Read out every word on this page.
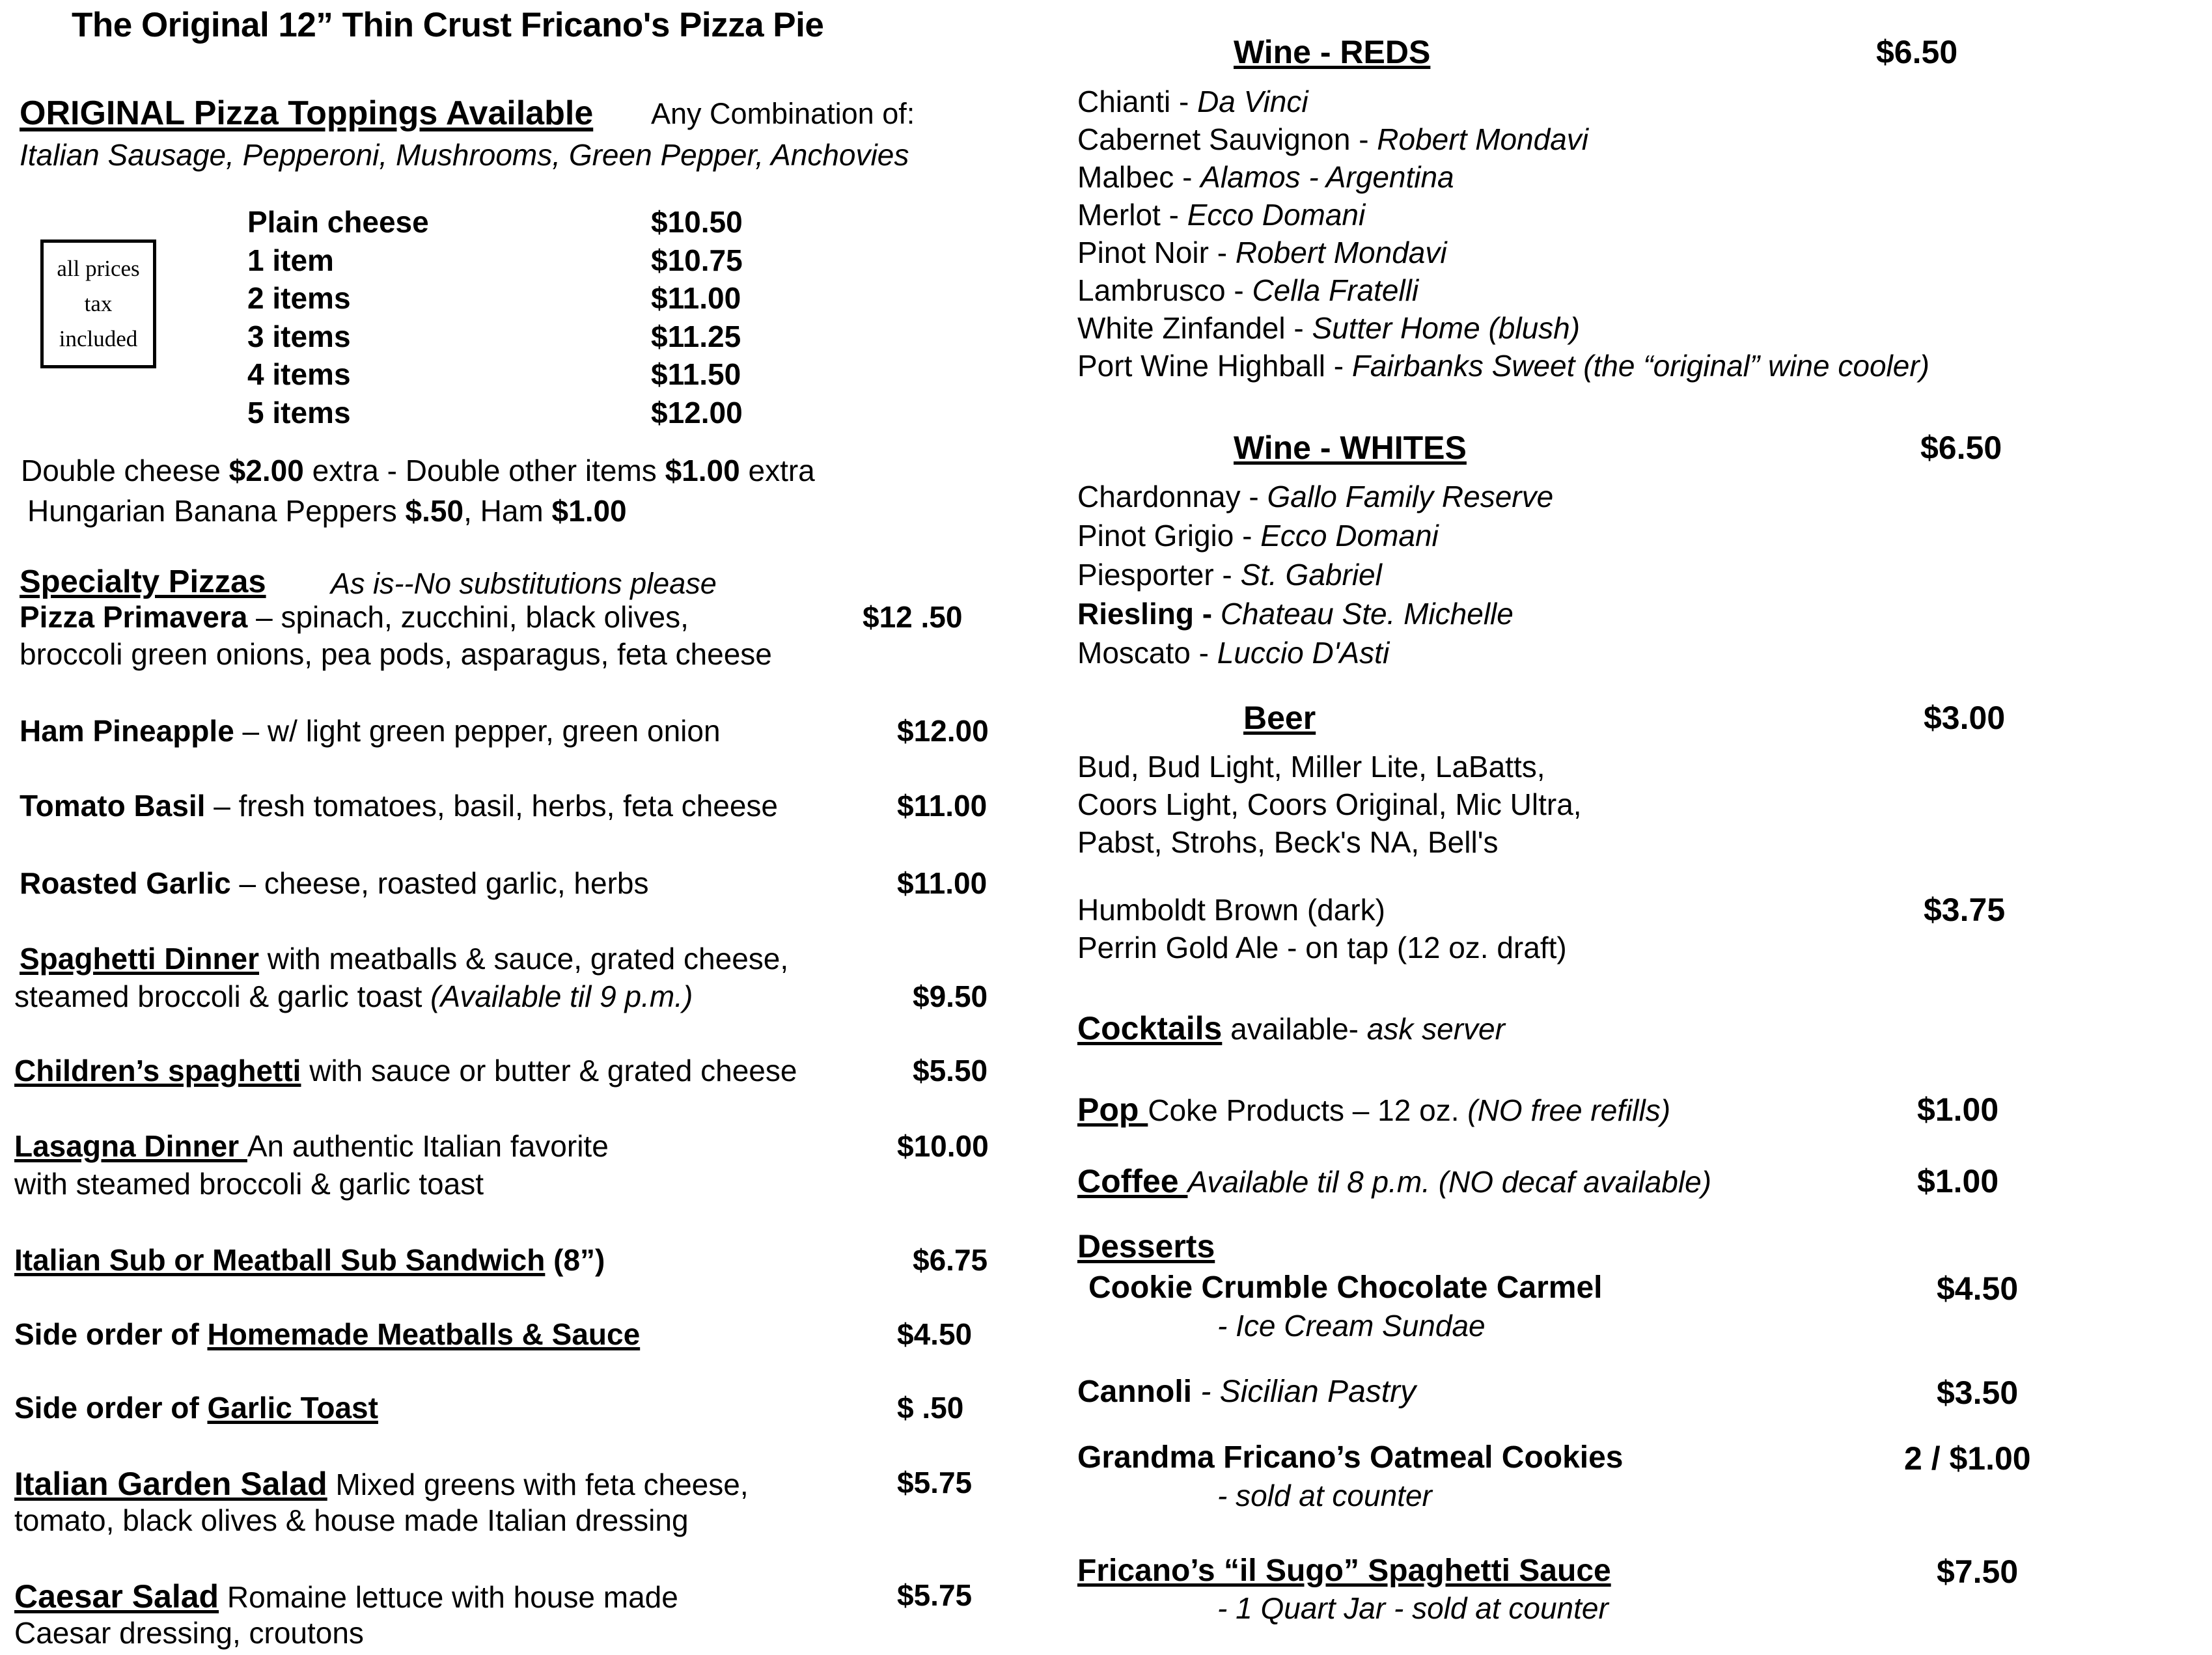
The Original 12” Thin Crust Fricano's Pizza Pie
ORIGINAL Pizza Toppings Available Any Combination of:
Italian Sausage, Pepperoni, Mushrooms, Green Pepper, Anchovies
all prices
tax
included
Plain cheese	$10.50
1 item	$10.75
2 items	$11.00
3 items	$11.25
4 items	$11.50
5 items	$12.00
Double cheese $2.00 extra - Double other items $1.00 extra
Hungarian Banana Peppers $.50, Ham $1.00
Specialty Pizzas As is--No substitutions please
Pizza Primavera – spinach, zucchini, black olives,
broccoli green onions, pea pods, asparagus, feta cheese
$12 .50
Ham Pineapple – w/ light green pepper, green onion	$12.00
Tomato Basil – fresh tomatoes, basil, herbs, feta cheese	$11.00
Roasted Garlic – cheese, roasted garlic, herbs	$11.00
Spaghetti Dinner with meatballs & sauce, grated cheese,
steamed broccoli & garlic toast (Available til 9 p.m.)	$9.50
Children’s spaghetti with sauce or butter & grated cheese	$5.50
Lasagna Dinner An authentic Italian favorite
with steamed broccoli & garlic toast
$10.00
Italian Sub or Meatball Sub Sandwich (8”)	$6.75
Side order of Homemade Meatballs & Sauce	$4.50
Side order of Garlic Toast	$ .50
Italian Garden Salad Mixed greens with feta cheese,
tomato, black olives & house made Italian dressing
$5.75
Caesar Salad Romaine lettuce with house made
Caesar dressing, croutons
$5.75
Wine - REDS	$6.50
Chianti - Da Vinci
Cabernet Sauvignon - Robert Mondavi
Malbec - Alamos - Argentina
Merlot - Ecco Domani
Pinot Noir - Robert Mondavi
Lambrusco - Cella Fratelli
White Zinfandel - Sutter Home (blush)
Port Wine Highball - Fairbanks Sweet (the “original” wine cooler)
Wine - WHITES	$6.50
Chardonnay - Gallo Family Reserve
Pinot Grigio - Ecco Domani
Piesporter - St. Gabriel
Riesling - Chateau Ste. Michelle
Moscato - Luccio D'Asti
Beer	$3.00
Bud, Bud Light, Miller Lite, LaBatts,
Coors Light, Coors Original, Mic Ultra,
Pabst, Strohs, Beck's NA, Bell's
Humboldt Brown (dark)
Perrin Gold Ale - on tap (12 oz. draft)
$3.75
Cocktails available- ask server
Pop Coke Products – 12 oz. (NO free refills)	$1.00
Coffee Available til 8 p.m. (NO decaf available)	$1.00
Desserts
Cookie Crumble Chocolate Carmel
- Ice Cream Sundae
$4.50
Cannoli - Sicilian Pastry	$3.50
Grandma Fricano’s Oatmeal Cookies
- sold at counter
2 / $1.00
Fricano’s “il Sugo” Spaghetti Sauce
- 1 Quart Jar - sold at counter
$7.50
